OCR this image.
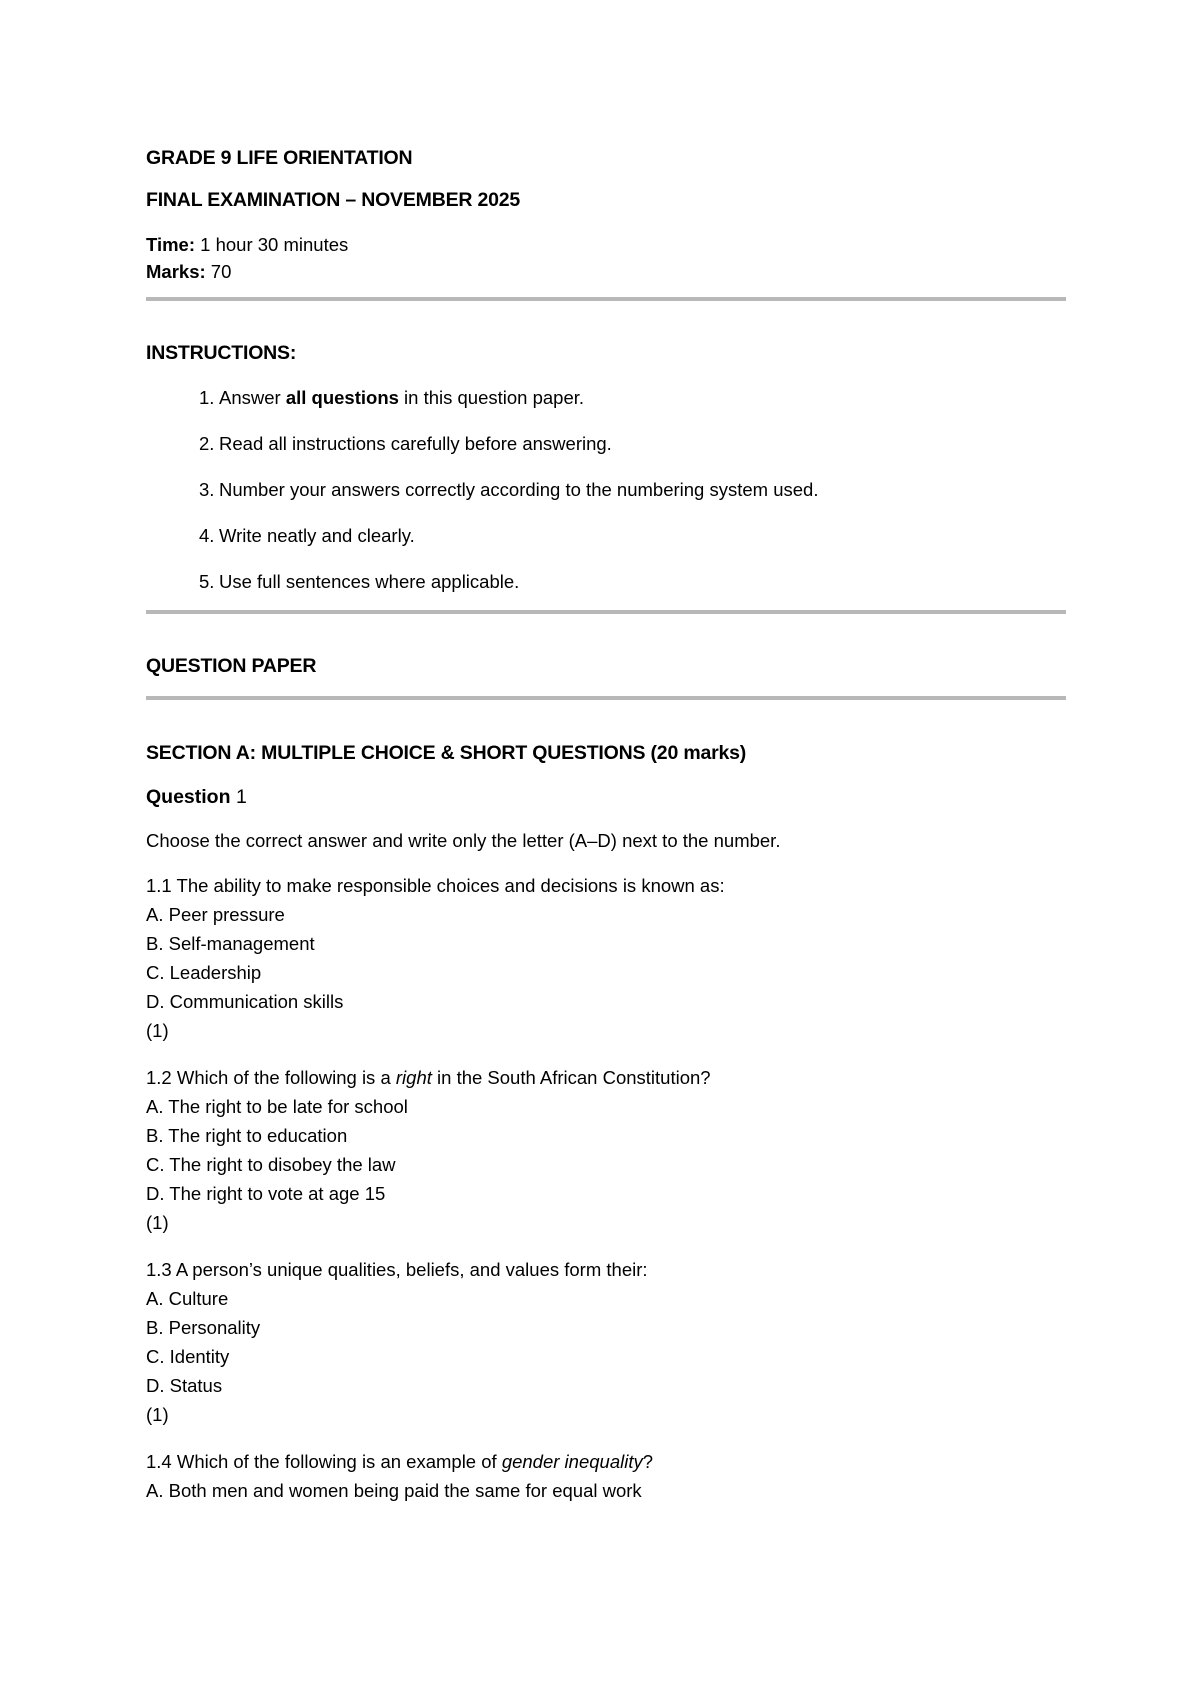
GRADE 9 LIFE ORIENTATION
FINAL EXAMINATION – NOVEMBER 2025
Time: 1 hour 30 minutes
Marks: 70
INSTRUCTIONS:
1. Answer all questions in this question paper.
2. Read all instructions carefully before answering.
3. Number your answers correctly according to the numbering system used.
4. Write neatly and clearly.
5. Use full sentences where applicable.
QUESTION PAPER
SECTION A: MULTIPLE CHOICE & SHORT QUESTIONS (20 marks)
Question 1
Choose the correct answer and write only the letter (A–D) next to the number.
1.1 The ability to make responsible choices and decisions is known as:
A. Peer pressure
B. Self-management
C. Leadership
D. Communication skills
(1)
1.2 Which of the following is a right in the South African Constitution?
A. The right to be late for school
B. The right to education
C. The right to disobey the law
D. The right to vote at age 15
(1)
1.3 A person’s unique qualities, beliefs, and values form their:
A. Culture
B. Personality
C. Identity
D. Status
(1)
1.4 Which of the following is an example of gender inequality?
A. Both men and women being paid the same for equal work
